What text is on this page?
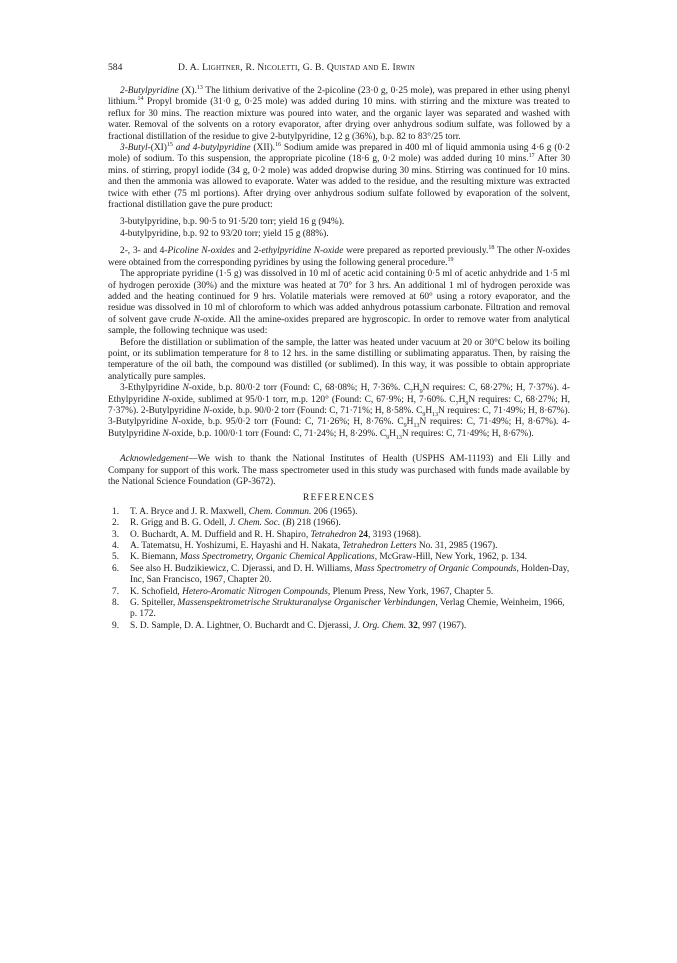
584	D. A. Lightner, R. Nicoletti, G. B. Quistad and E. Irwin

2-Butylpyridine (X).$^{13}$ The lithium derivative of the 2-picoline (23·0 g, 0·25 mole), was prepared in ether using phenyl lithium.$^{14}$ Propyl bromide (31·0 g, 0·25 mole) was added during 10 mins. with stirring and the mixture was treated to reflux for 30 mins. The reaction mixture was poured into water, and the organic layer was separated and washed with water. Removal of the solvents on a rotory evaporator, after drying over anhydrous sodium sulfate, was followed by a fractional distillation of the residue to give 2-butylpyridine, 12 g (36%), b.p. 82 to 83°/25 torr.

3-Butyl-(XI)$^{15}$ and 4-butylpyridine (XII).$^{16}$ Sodium amide was prepared in 400 ml of liquid ammonia using 4·6 g (0·2 mole) of sodium. To this suspension, the appropriate picoline (18·6 g, 0·2 mole) was added during 10 mins.$^{17}$ After 30 mins. of stirring, propyl iodide (34 g, 0·2 mole) was added dropwise during 30 mins. Stirring was continued for 10 mins. and then the ammonia was allowed to evaporate. Water was added to the residue, and the resulting mixture was extracted twice with ether (75 ml portions). After drying over anhydrous sodium sulfate followed by evaporation of the solvent, fractional distillation gave the pure product:

3-butylpyridine, b.p. 90·5 to 91·5/20 torr; yield 16 g (94%).

4-butylpyridine, b.p. 92 to 93/20 torr; yield 15 g (88%).

2-, 3- and 4-Picoline N-oxides and 2-ethylpyridine N-oxide were prepared as reported previously.$^{18}$ The other N-oxides were obtained from the corresponding pyridines by using the following general procedure.$^{19}$

The appropriate pyridine (1·5 g) was dissolved in 10 ml of acetic acid containing 0·5 ml of acetic anhydride and 1·5 ml of hydrogen peroxide (30%) and the mixture was heated at 70° for 3 hrs. An additional 1 ml of hydrogen peroxide was added and the heating continued for 9 hrs. Volatile materials were removed at 60° using a rotory evaporator, and the residue was dissolved in 10 ml of chloroform to which was added anhydrous potassium carbonate. Filtration and removal of solvent gave crude N-oxide. All the amine-oxides prepared are hygroscopic. In order to remove water from analytical sample, the following technique was used:

Before the distillation or sublimation of the sample, the latter was heated under vacuum at 20 or 30°C below its boiling point, or its sublimation temperature for 8 to 12 hrs. in the same distilling or sublimating apparatus. Then, by raising the temperature of the oil bath, the compound was distilled (or sublimed). In this way, it was possible to obtain appropriate analytically pure samples.

3-Ethylpyridine N-oxide, b.p. 80/0·2 torr (Found: C, 68·08%; H, 7·36%. $C_7H_9N$ requires: C, 68·27%; H, 7·37%). 4-Ethylpyridine N-oxide, sublimed at 95/0·1 torr, m.p. 120° (Found: C, 67·9%; H, 7·60%. $C_7H_9N$ requires: C, 68·27%; H, 7·37%). 2-Butylpyridine N-oxide, b.p. 90/0·2 torr (Found: C, 71·71%; H, 8·58%. $C_9H_{13}N$ requires: C, 71·49%; H, 8·67%). 3-Butylpyridine N-oxide, b.p. 95/0·2 torr (Found: C, 71·26%; H, 8·76%. $C_9H_{13}N$ requires: C, 71·49%; H, 8·67%). 4-Butylpyridine N-oxide, b.p. 100/0·1 torr (Found: C, 71·24%; H, 8·29%. $C_9H_{13}N$ requires: C, 71·49%; H, 8·67%).

Acknowledgement—We wish to thank the National Institutes of Health (USPHS AM-11193) and Eli Lilly and Company for support of this work. The mass spectrometer used in this study was purchased with funds made available by the National Science Foundation (GP-3672).

REFERENCES
1. T. A. Bryce and J. R. Maxwell, Chem. Commun. 206 (1965).
2. R. Grigg and B. G. Odell, J. Chem. Soc. (B) 218 (1966).
3. O. Buchardt, A. M. Duffield and R. H. Shapiro, Tetrahedron 24, 3193 (1968).
4. A. Tatematsu, H. Yoshizumi, E. Hayashi and H. Nakata, Tetrahedron Letters No. 31, 2985 (1967).
5. K. Biemann, Mass Spectrometry, Organic Chemical Applications, McGraw-Hill, New York, 1962, p. 134.
6. See also H. Budzikiewicz, C. Djerassi, and D. H. Williams, Mass Spectrometry of Organic Compounds, Holden-Day, Inc, San Francisco, 1967, Chapter 20.
7. K. Schofield, Hetero-Aromatic Nitrogen Compounds, Plenum Press, New York, 1967, Chapter 5.
8. G. Spiteller, Massenspektrometrische Strukturanalyse Organischer Verbindungen, Verlag Chemie, Weinheim, 1966, p. 172.
9. S. D. Sample, D. A. Lightner, O. Buchardt and C. Djerassi, J. Org. Chem. 32, 997 (1967).
